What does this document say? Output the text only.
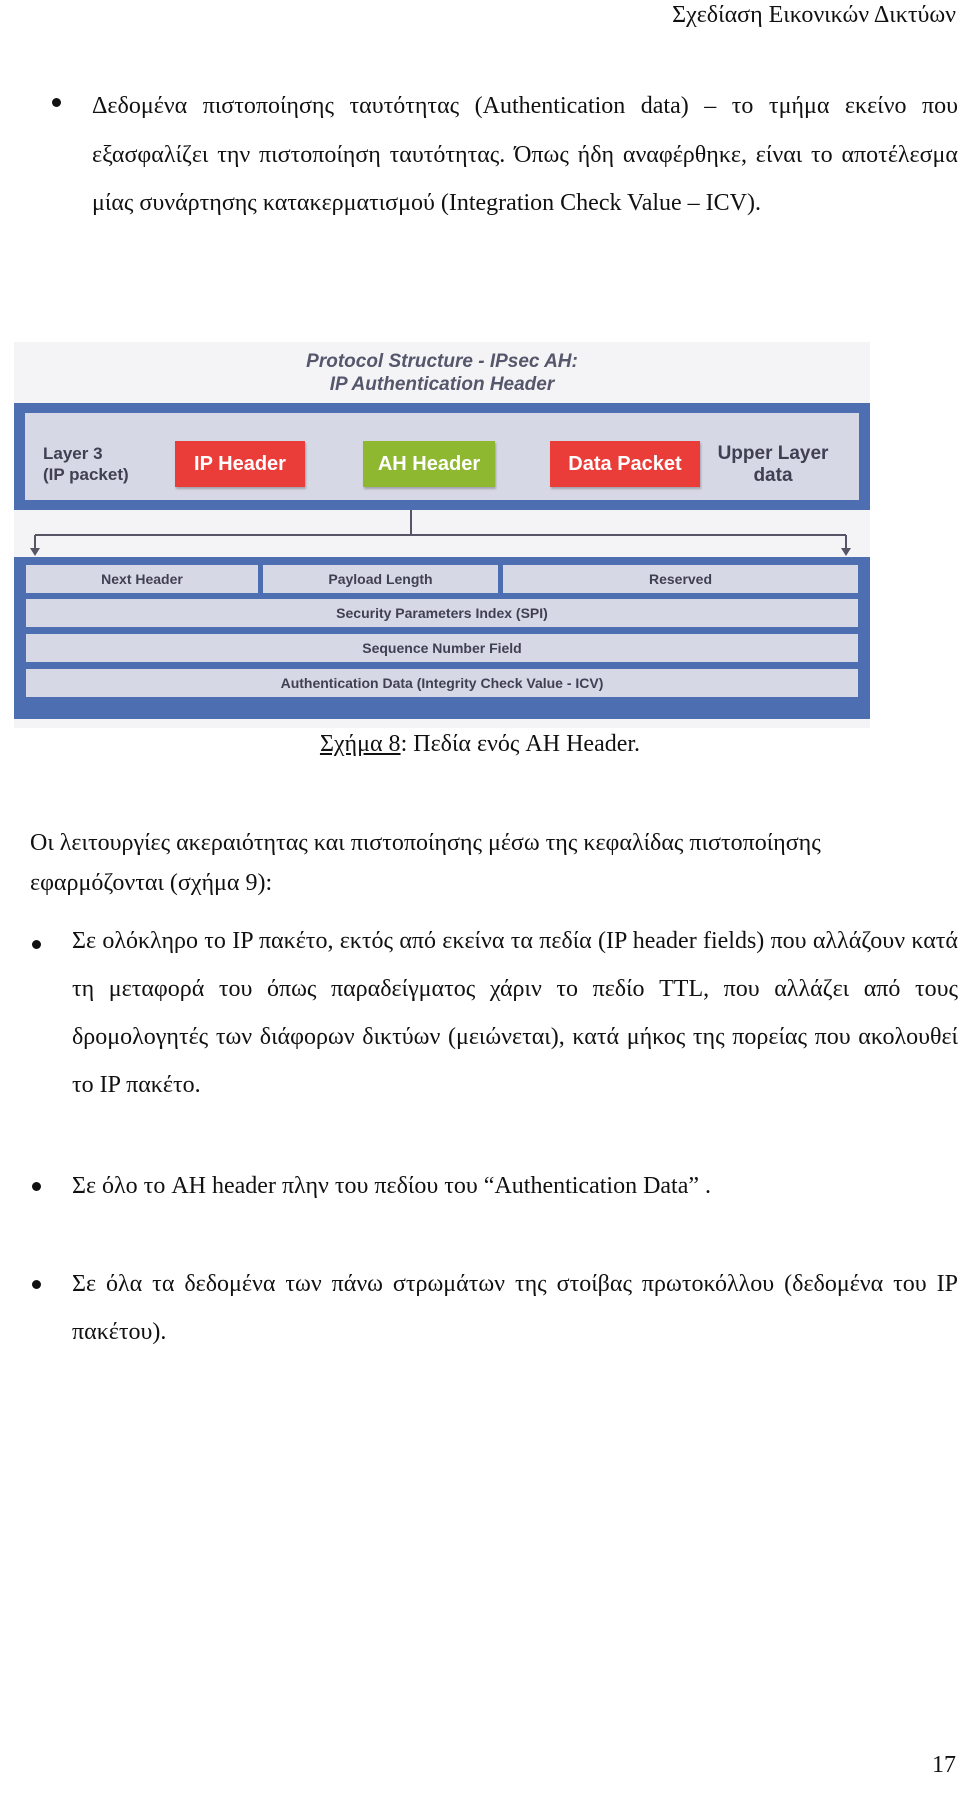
Σχεδίαση Εικονικών Δικτύων
Δεδομένα πιστοποίησης ταυτότητας (Authentication data) – το τμήμα εκείνο που εξασφαλίζει την πιστοποίηση ταυτότητας. Όπως ήδη αναφέρθηκε, είναι το αποτέλεσμα μίας συνάρτησης κατακερματισμού (Integration Check Value – ICV).
Protocol Structure - IPsec AH:
IP Authentication Header
Layer 3
(IP packet)	IP Header	AH Header	Data Packet	Upper Layer
data
Next Header	Payload Length	Reserved
Security Parameters Index (SPI)
Sequence Number Field
Authentication Data (Integrity Check Value - ICV)
Σχήμα 8: Πεδία ενός AH Header.
Οι λειτουργίες ακεραιότητας και πιστοποίησης μέσω της κεφαλίδας πιστοποίησης εφαρμόζονται (σχήμα 9):
Σε ολόκληρο το IP πακέτο, εκτός από εκείνα τα πεδία (IP header fields) που αλλάζουν κατά τη μεταφορά του όπως παραδείγματος χάριν το πεδίο TTL, που αλλάζει από τους δρομολογητές των διάφορων δικτύων (μειώνεται), κατά μήκος της πορείας που ακολουθεί το IP πακέτο.
Σε όλο το AH header πλην του πεδίου του “Authentication Data” .
Σε όλα τα δεδομένα των πάνω στρωμάτων της στοίβας πρωτοκόλλου (δεδομένα του IP πακέτου).
17
